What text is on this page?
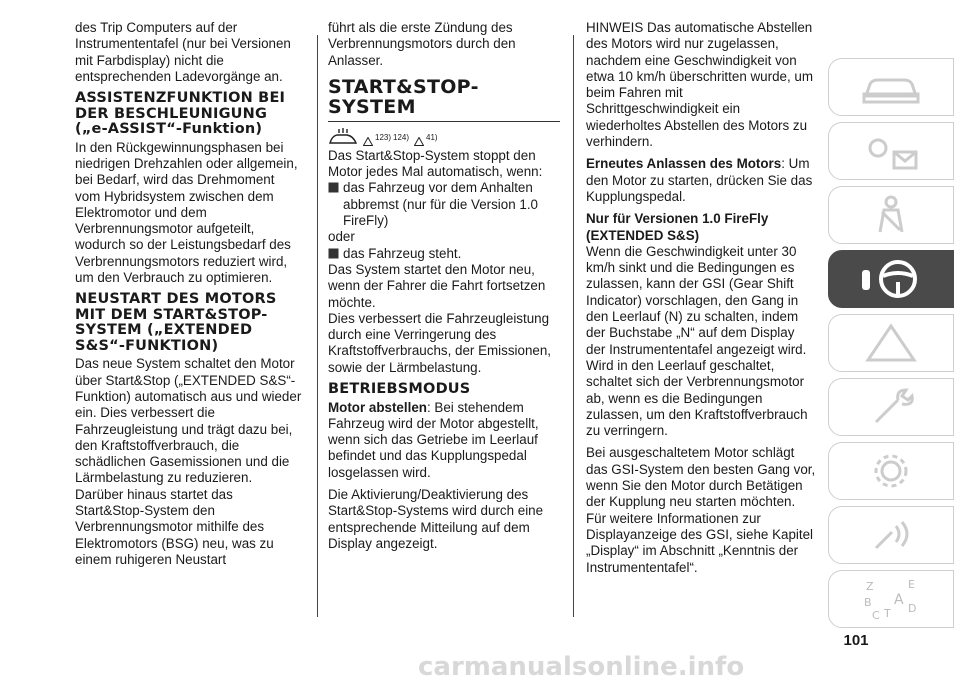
des Trip Computers auf der Instrumententafel (nur bei Versionen mit Farbdisplay) nicht die entsprechenden Ladevorgänge an.

ASSISTENZFUNKTION BEI DER BESCHLEUNIGUNG („e-ASSIST“-Funktion)

In den Rückgewinnungsphasen bei niedrigen Drehzahlen oder allgemein, bei Bedarf, wird das Drehmoment vom Hybridsystem zwischen dem Elektromotor und dem Verbrennungsmotor aufgeteilt, wodurch so der Leistungsbedarf des Verbrennungsmotors reduziert wird, um den Verbrauch zu optimieren.

NEUSTART DES MOTORS MIT DEM START&STOP-SYSTEM („EXTENDED S&S“-FUNKTION)

Das neue System schaltet den Motor über Start&Stop („EXTENDED S&S“-Funktion) automatisch aus und wieder ein. Dies verbessert die Fahrzeugleistung und trägt dazu bei, den Kraftstoffverbrauch, die schädlichen Gasemissionen und die Lärmbelastung zu reduzieren. Darüber hinaus startet das Start&Stop-System den Verbrennungsmotor mithilfe des Elektromotors (BSG) neu, was zu einem ruhigeren Neustart

führt als die erste Zündung des Verbrennungsmotors durch den Anlasser.

START&STOP-SYSTEM
123) 124) 41)

Das Start&Stop-System stoppt den Motor jedes Mal automatisch, wenn:

das Fahrzeug vor dem Anhalten abbremst (nur für die Version 1.0 FireFly)
oder
das Fahrzeug steht.

Das System startet den Motor neu, wenn der Fahrer die Fahrt fortsetzen möchte.

Dies verbessert die Fahrzeugleistung durch eine Verringerung des Kraftstoffverbrauchs, der Emissionen, sowie der Lärmbelastung.

BETRIEBSMODUS

Motor abstellen: Bei stehendem Fahrzeug wird der Motor abgestellt, wenn sich das Getriebe im Leerlauf befindet und das Kupplungspedal losgelassen wird.

Die Aktivierung/Deaktivierung des Start&Stop-Systems wird durch eine entsprechende Mitteilung auf dem Display angezeigt.

HINWEIS Das automatische Abstellen des Motors wird nur zugelassen, nachdem eine Geschwindigkeit von etwa 10 km/h überschritten wurde, um beim Fahren mit Schrittgeschwindigkeit ein wiederholtes Abstellen des Motors zu verhindern.

Erneutes Anlassen des Motors: Um den Motor zu starten, drücken Sie das Kupplungspedal.

Nur für Versionen 1.0 FireFly (EXTENDED S&S)

Wenn die Geschwindigkeit unter 30 km/h sinkt und die Bedingungen es zulassen, kann der GSI (Gear Shift Indicator) vorschlagen, den Gang in den Leerlauf (N) zu schalten, indem der Buchstabe „N“ auf dem Display der Instrumententafel angezeigt wird. Wird in den Leerlauf geschaltet, schaltet sich der Verbrennungsmotor ab, wenn es die Bedingungen zulassen, um den Kraftstoffverbrauch zu verringern.

Bei ausgeschaltetem Motor schlägt das GSI-System den besten Gang vor, wenn Sie den Motor durch Betätigen der Kupplung neu starten möchten. Für weitere Informationen zur Displayanzeige des GSI, siehe Kapitel „Display“ im Abschnitt „Kenntnis der Instrumententafel“.

Z	E
B A
C T D
101
carmanualsonline.info
